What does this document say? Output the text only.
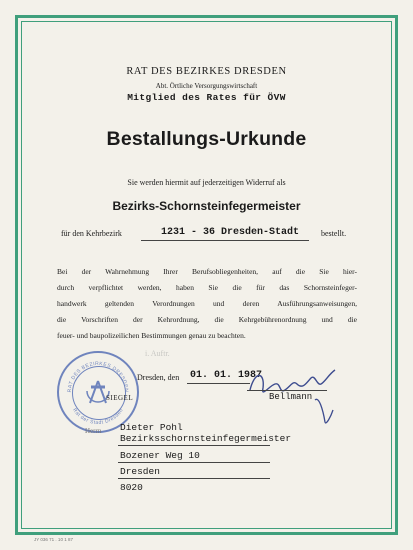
RAT DES BEZIRKES DRESDEN
Abt. Örtliche Versorgungswirtschaft
Mitglied des Rates für ÖVW
Bestallungs-Urkunde
Sie werden hiermit auf jederzeitigen Widerruf als
Bezirks-Schornsteinfegermeister
für den Kehrbezirk	1231 - 36 Dresden-Stadt	bestellt.
Bei der Wahrnehmung Ihrer Berufsobliegenheiten, auf die Sie hier-
durch verpflichtet werden, haben Sie die für das Schornsteinfeger-
handwerk geltenden Verordnungen und deren Ausführungsanweisungen,
die Vorschriften der Kehrordnung, die Kehrgebührenordnung und die
feuer- und baupolizeilichen Bestimmungen genau zu beachten.
i. Auftr.
Dresden, den 01. 01. 1987
RAT DES BEZIRKES DRESDEN
Rat der Stadt Dresden
SIEGEL	Bellmann
Herrn Dieter Pohl
Bezirksschornsteinfegermeister
Bozener Weg 10
Dresden
8020
JY 036 71 . 10 1 87
